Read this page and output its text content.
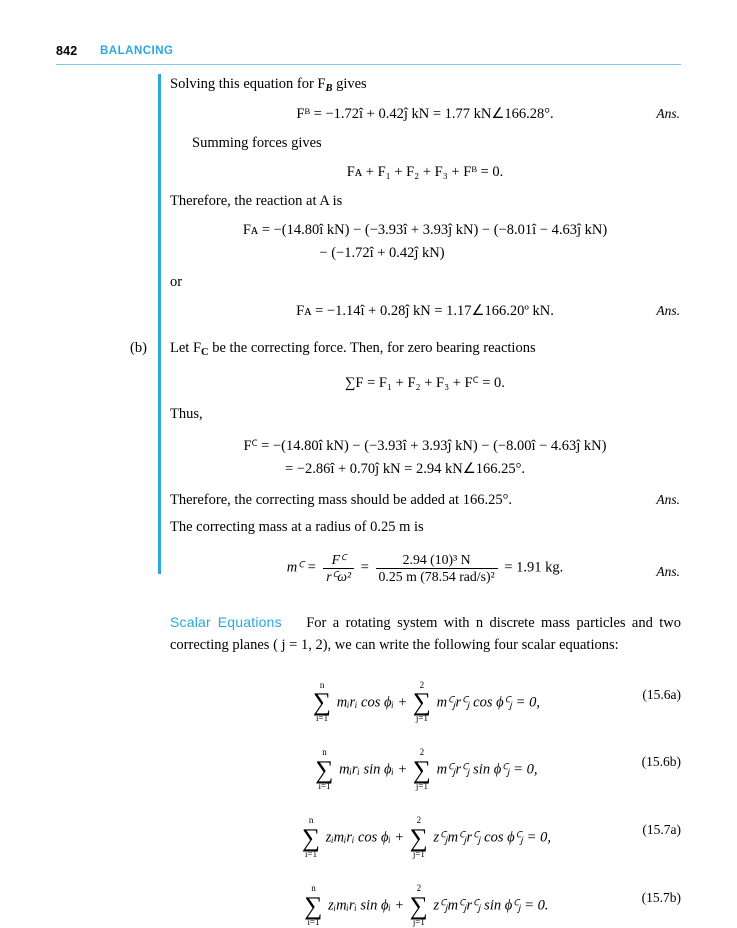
842 BALANCING

Solving this equation for $F_B$ gives

Fᴮ = −1.72î + 0.42ĵ kN = 1.77 kN∠166.28°.	Ans.

Summing forces gives

Fᴀ + F₁ + F₂ + F₃ + Fᴮ = 0.

Therefore, the reaction at A is

Fᴀ = −(14.80î kN) − (−3.93î + 3.93ĵ kN) − (−8.01î − 4.63ĵ kN)
− (−1.72î + 0.42ĵ kN)

or

Fᴀ = −1.14î + 0.28ĵ kN = 1.17∠166.20º kN.	Ans.
(b) Let $F_C$ be the correcting force. Then, for zero bearing reactions
∑F = F₁ + F₂ + F₃ + Fꟲ = 0.

Thus,

Fꟲ = −(14.80î kN) − (−3.93î + 3.93ĵ kN) − (−8.00î − 4.63ĵ kN)
= −2.86î + 0.70ĵ kN = 2.94 kN∠166.25°.

Therefore, the correcting mass should be added at 166.25°.	Ans.

The correcting mass at a radius of 0.25 m is

mꟲ = $\frac{\text{Fꟲ}}{\text{rꟲω²}} = \frac{\text{2.94 (10)³ N}}{\text{0.25 m (78.54 rad/s)²}} = 1.91$ kg.	Ans.
Scalar Equations For a rotating system with n discrete mass particles and two correcting planes ( j = 1, 2), we can write the following four scalar equations:
n
∑
i=1
mᵢrᵢ cos ϕᵢ +
2
∑
j=1
mꟲⱼrꟲⱼ cos ϕꟲⱼ = 0,	(15.6a)
n
∑
i=1
mᵢrᵢ sin ϕᵢ +
2
∑
j=1
mꟲⱼrꟲⱼ sin ϕꟲⱼ = 0,	(15.6b)
n
∑
i=1
zᵢmᵢrᵢ cos ϕᵢ +
2
∑
j=1
zꟲⱼmꟲⱼrꟲⱼ cos ϕꟲⱼ = 0,	(15.7a)
n
∑
i=1
zᵢmᵢrᵢ sin ϕᵢ +
2
∑
j=1
zꟲⱼmꟲⱼrꟲⱼ sin ϕꟲⱼ = 0.	(15.7b)
